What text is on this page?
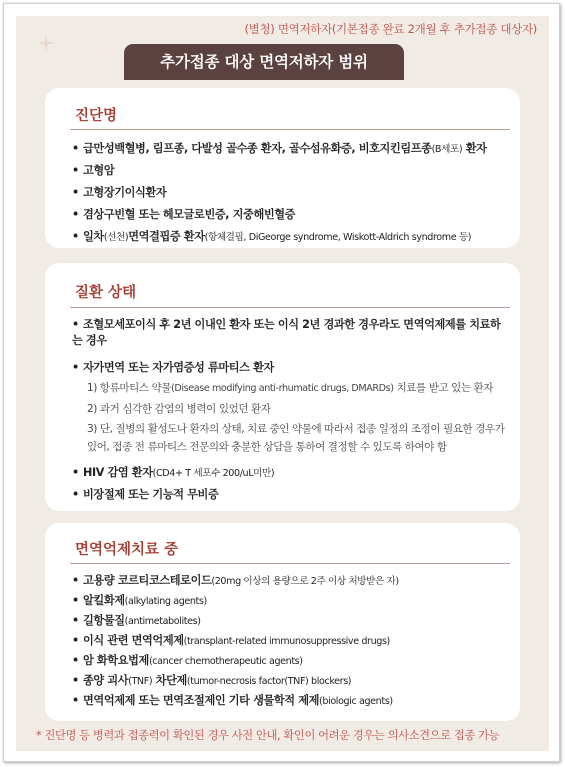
(별청) 면역저하자(기본접종 완료 2개월 후 추가접종 대상자)
추가접종 대상 면역저하자 범위
진단명
• 급만성백혈병, 림프종, 다발성 골수종 환자, 골수섬유화증, 비호지킨림프종(B세포) 환자
• 고형암
• 고형장기이식환자
• 겸상구빈혈 또는 헤모글로빈증, 지중해빈혈증
• 일차(선천)면역결핍증 환자(항체결핍, DiGeorge syndrome, Wiskott-Aldrich syndrome 등)
질환 상태
• 조혈모세포이식 후 2년 이내인 환자 또는 이식 2년 경과한 경우라도 면역억제제를 치료하는 경우
• 자가면역 또는 자가염증성 류마티스 환자
1) 항류마티스 약물(Disease modifying anti-rhumatic drugs, DMARDs) 치료를 받고 있는 환자
2) 과거 심각한 감염의 병력이 있었던 환자
3) 단, 질병의 활성도나 환자의 상태, 치료 중인 약물에 따라서 접종 일정의 조정이 필요한 경우가 있어, 접종 전 류마티스 전문의와 충분한 상담을 통하여 결정할 수 있도록 하여야 함
• HIV 감염 환자(CD4+ T 세포수 200/uL미만)
• 비장절제 또는 기능적 무비증
면역억제치료 중
• 고용량 코르티코스테로이드(20mg 이상의 용량으로 2주 이상 처방받은 자)
• 알킬화제(alkylating agents)
• 길항물질(antimetabolites)
• 이식 관련 면역억제제(transplant-related immunosuppressive drugs)
• 암 화학요법제(cancer chemotherapeutic agents)
• 종양 괴사(TNF) 차단제(tumor-necrosis factor(TNF) blockers)
• 면역억제제 또는 면역조절제인 기타 생물학적 제제(biologic agents)
* 진단명 등 병력과 접종력이 확인된 경우 사전 안내, 확인이 어려운 경우는 의사소견으로 접종 가능
